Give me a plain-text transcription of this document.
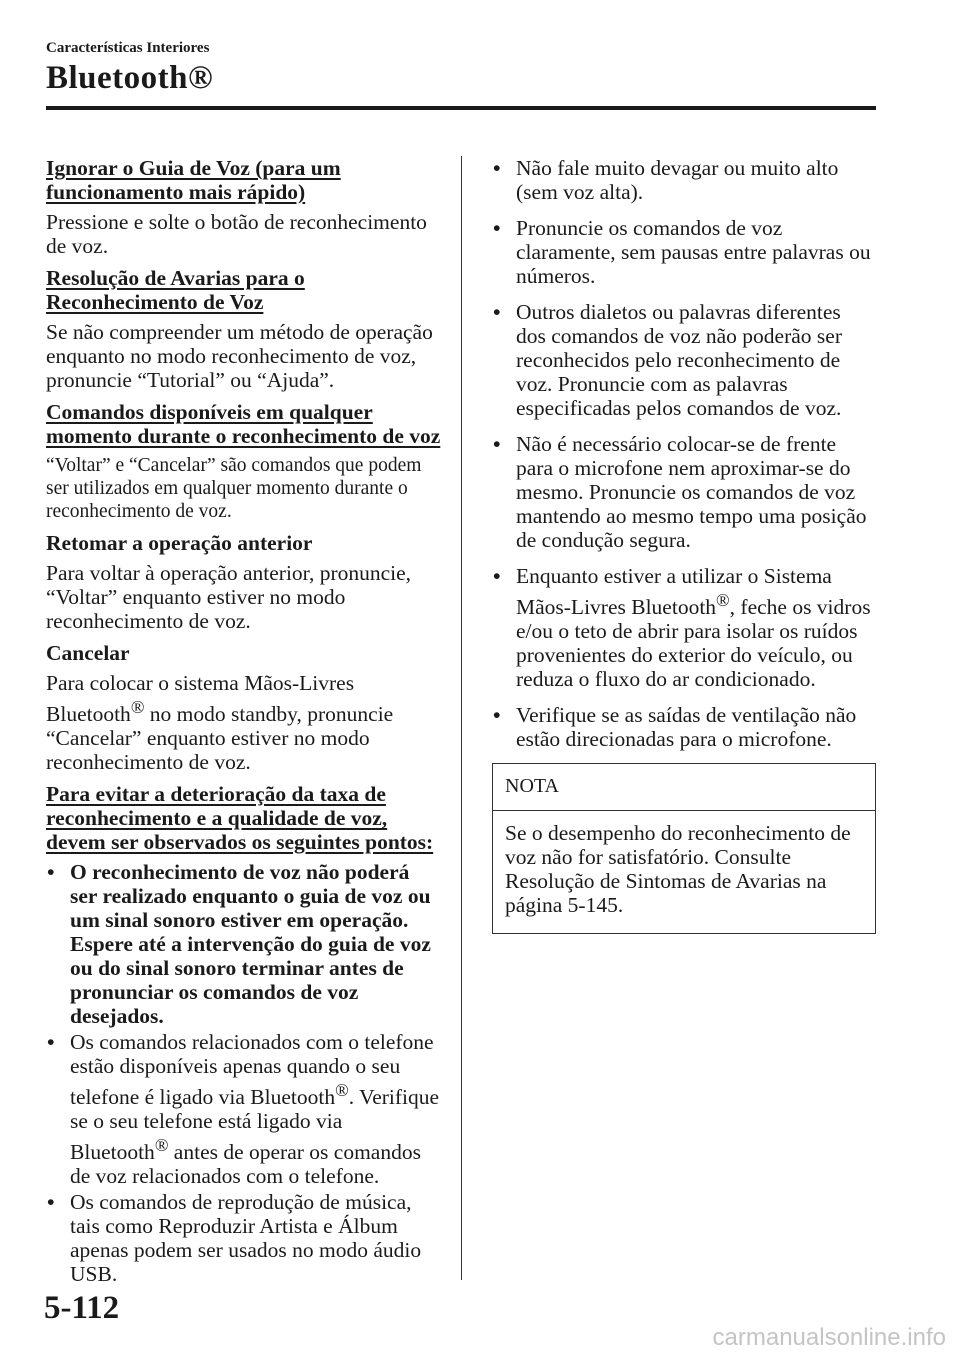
Características Interiores
Bluetooth®
Ignorar o Guia de Voz (para um funcionamento mais rápido)

Pressione e solte o botão de reconhecimento de voz.

Resolução de Avarias para o Reconhecimento de Voz

Se não compreender um método de operação enquanto no modo reconhecimento de voz, pronuncie “Tutorial” ou “Ajuda”.

Comandos disponíveis em qualquer momento durante o reconhecimento de voz

“Voltar” e “Cancelar” são comandos que podem ser utilizados em qualquer momento durante o reconhecimento de voz.

Retomar a operação anterior

Para voltar à operação anterior, pronuncie, “Voltar” enquanto estiver no modo reconhecimento de voz.

Cancelar

Para colocar o sistema Mãos-Livres Bluetooth® no modo standby, pronuncie “Cancelar” enquanto estiver no modo reconhecimento de voz.

Para evitar a deterioração da taxa de reconhecimento e a qualidade de voz, devem ser observados os seguintes pontos:
• O reconhecimento de voz não poderá ser realizado enquanto o guia de voz ou um sinal sonoro estiver em operação. Espere até a intervenção do guia de voz ou do sinal sonoro terminar antes de pronunciar os comandos de voz desejados.
• Os comandos relacionados com o telefone estão disponíveis apenas quando o seu telefone é ligado via Bluetooth®. Verifique se o seu telefone está ligado via Bluetooth® antes de operar os comandos de voz relacionados com o telefone.
• Os comandos de reprodução de música, tais como Reproduzir Artista e Álbum apenas podem ser usados no modo áudio USB.
• Não fale muito devagar ou muito alto (sem voz alta).
• Pronuncie os comandos de voz claramente, sem pausas entre palavras ou números.
• Outros dialetos ou palavras diferentes dos comandos de voz não poderão ser reconhecidos pelo reconhecimento de voz. Pronuncie com as palavras especificadas pelos comandos de voz.
• Não é necessário colocar-se de frente para o microfone nem aproximar-se do mesmo. Pronuncie os comandos de voz mantendo ao mesmo tempo uma posição de condução segura.
• Enquanto estiver a utilizar o Sistema Mãos-Livres Bluetooth®, feche os vidros e/ou o teto de abrir para isolar os ruídos provenientes do exterior do veículo, ou reduza o fluxo do ar condicionado.
• Verifique se as saídas de ventilação não estão direcionadas para o microfone.
NOTA
Se o desempenho do reconhecimento de voz não for satisfatório. Consulte Resolução de Sintomas de Avarias na página 5-145.
5-112
carmanualsonline.info
